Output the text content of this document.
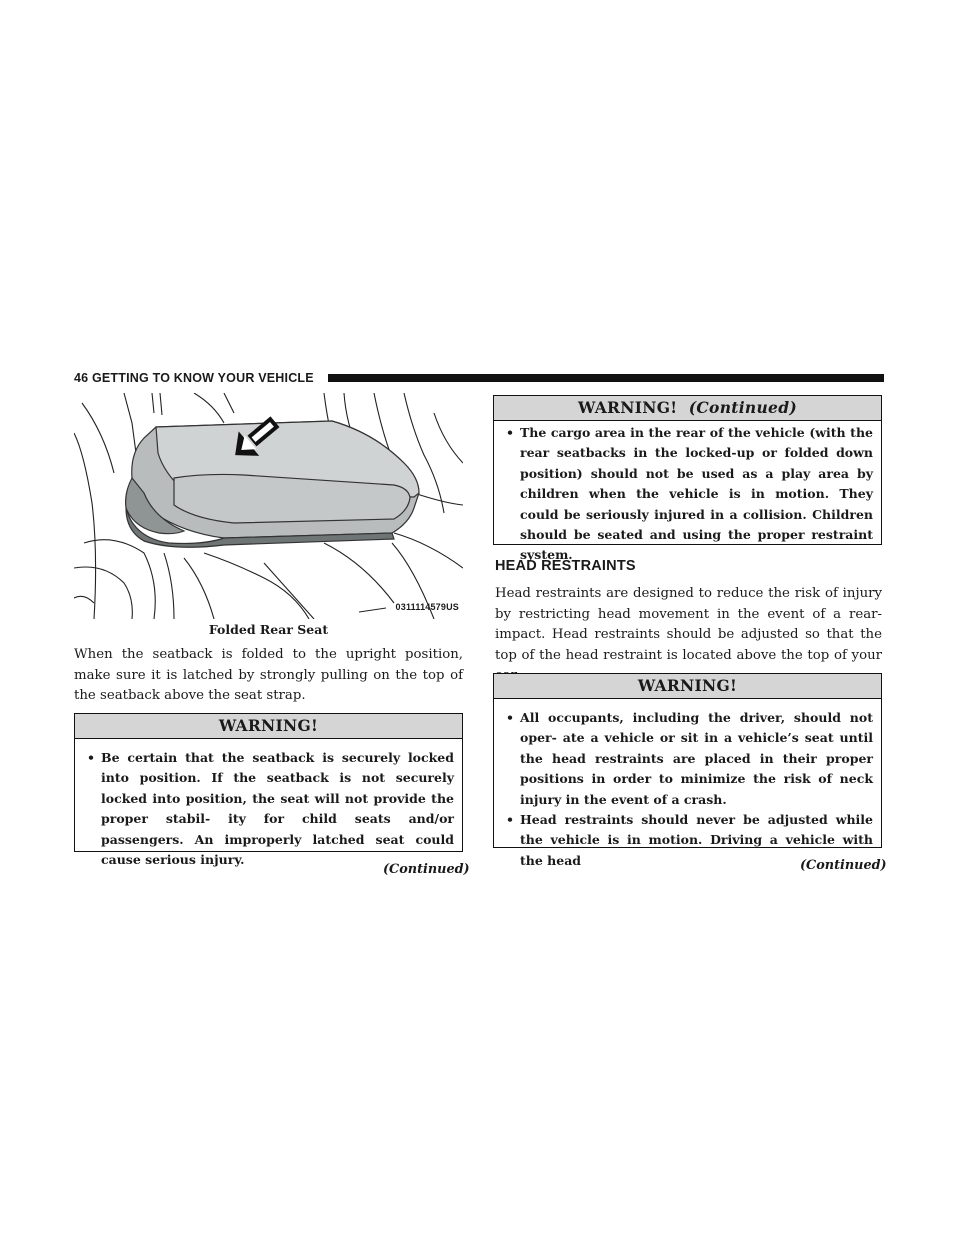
46 GETTING TO KNOW YOUR VEHICLE
0311114579US
Folded Rear Seat

When the seatback is folded to the upright position, make sure it is latched by strongly pulling on the top of the seatback above the seat strap.

WARNING!
• Be certain that the seatback is securely locked into position. If the seatback is not securely locked into position, the seat will not provide the proper stabil- ity for child seats and/or passengers. An improperly latched seat could cause serious injury.
(Continued)
WARNING! (Continued)
• The cargo area in the rear of the vehicle (with the rear seatbacks in the locked-up or folded down position) should not be used as a play area by children when the vehicle is in motion. They could be seriously injured in a collision. Children should be seated and using the proper restraint system.
HEAD RESTRAINTS

Head restraints are designed to reduce the risk of injury by restricting head movement in the event of a rear-impact. Head restraints should be adjusted so that the top of the head restraint is located above the top of your

WARNING!
• All occupants, including the driver, should not oper- ate a vehicle or sit in a vehicle’s seat until the head restraints are placed in their proper positions in order to minimize the risk of neck injury in the event of a crash.
• Head restraints should never be adjusted while the vehicle is in motion. Driving a vehicle with the head	(Continued)
